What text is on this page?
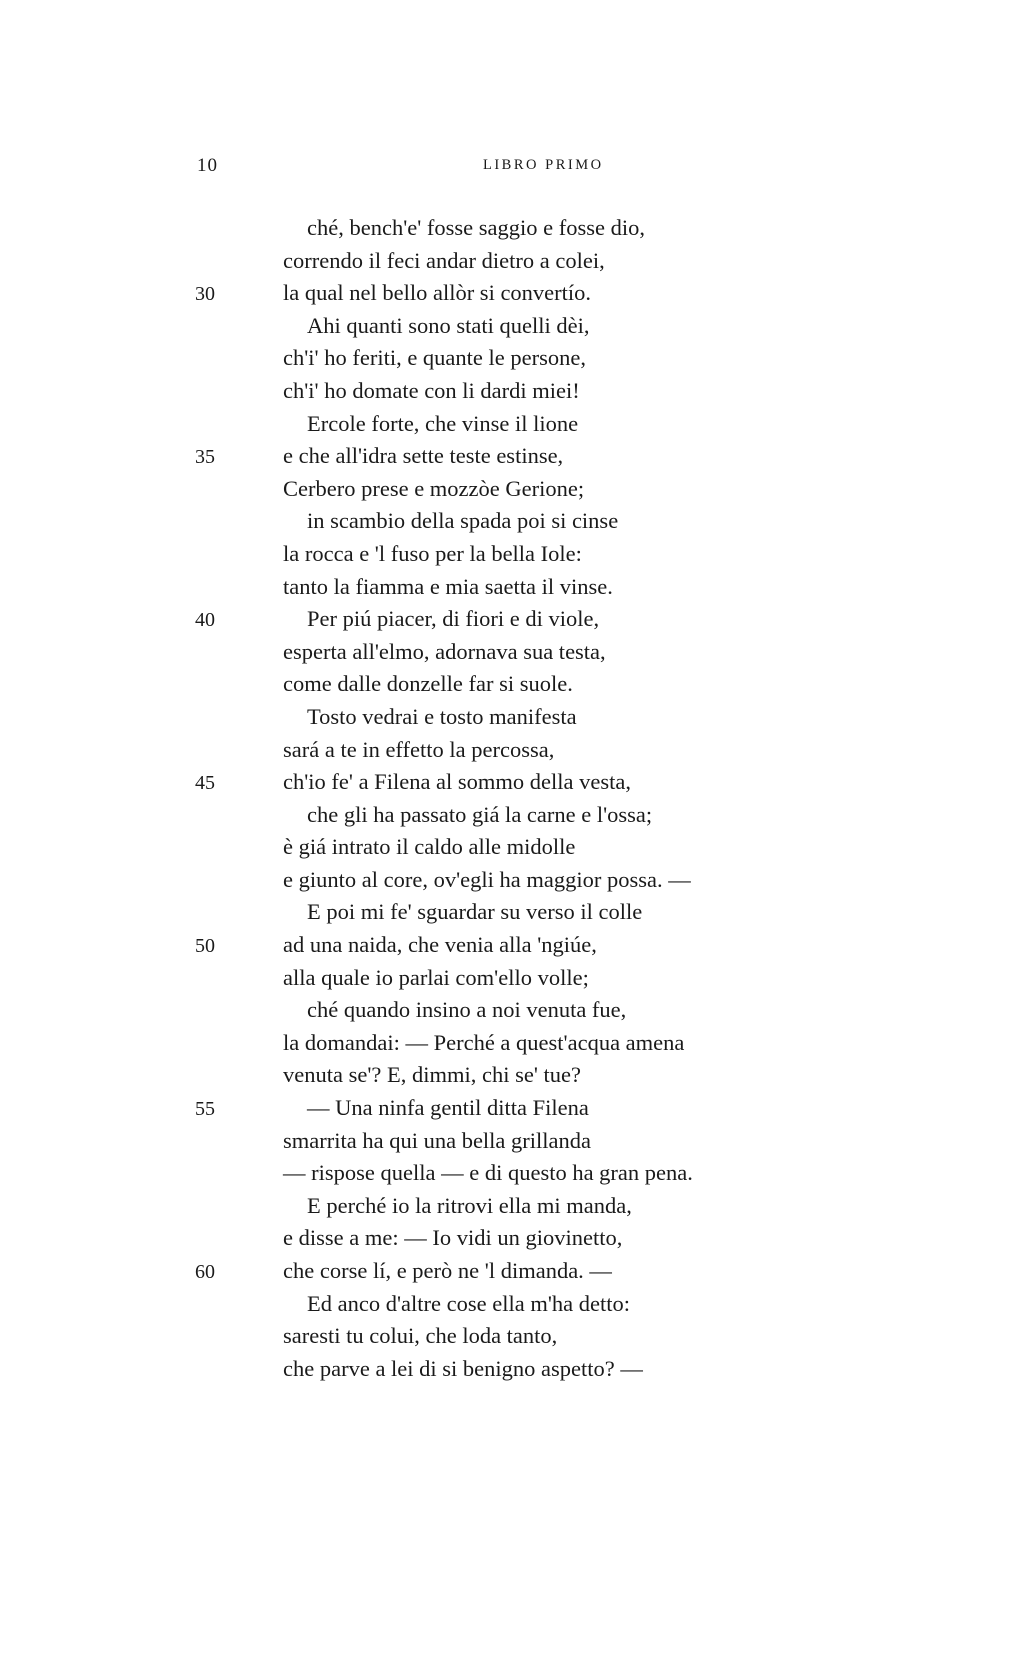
10	LIBRO PRIMO
ché, bench'e' fosse saggio e fosse dio,
correndo il feci andar dietro a colei,
30	la qual nel bello allòr si convertío.
Ahi quanti sono stati quelli dèi,
ch'i' ho feriti, e quante le persone,
ch'i' ho domate con li dardi miei!
Ercole forte, che vinse il lione
35	e che all'idra sette teste estinse,
Cerbero prese e mozzòe Gerione;
in scambio della spada poi si cinse
la rocca e 'l fuso per la bella Iole:
tanto la fiamma e mia saetta il vinse.
40	Per piú piacer, di fiori e di viole,
esperta all'elmo, adornava sua testa,
come dalle donzelle far si suole.
Tosto vedrai e tosto manifesta
sará a te in effetto la percossa,
45	ch'io fe' a Filena al sommo della vesta,
che gli ha passato giá la carne e l'ossa;
è giá intrato il caldo alle midolle
e giunto al core, ov'egli ha maggior possa. —
E poi mi fe' sguardar su verso il colle
50	ad una naida, che venia alla 'ngiúe,
alla quale io parlai com'ello volle;
ché quando insino a noi venuta fue,
la domandai: — Perché a quest'acqua amena
venuta se'? E, dimmi, chi se' tue?
55	— Una ninfa gentil ditta Filena
smarrita ha qui una bella grillanda
— rispose quella — e di questo ha gran pena.
E perché io la ritrovi ella mi manda,
e disse a me: — Io vidi un giovinetto,
60	che corse lí, e però ne 'l dimanda. —
Ed anco d'altre cose ella m'ha detto:
saresti tu colui, che loda tanto,
che parve a lei di si benigno aspetto? —
